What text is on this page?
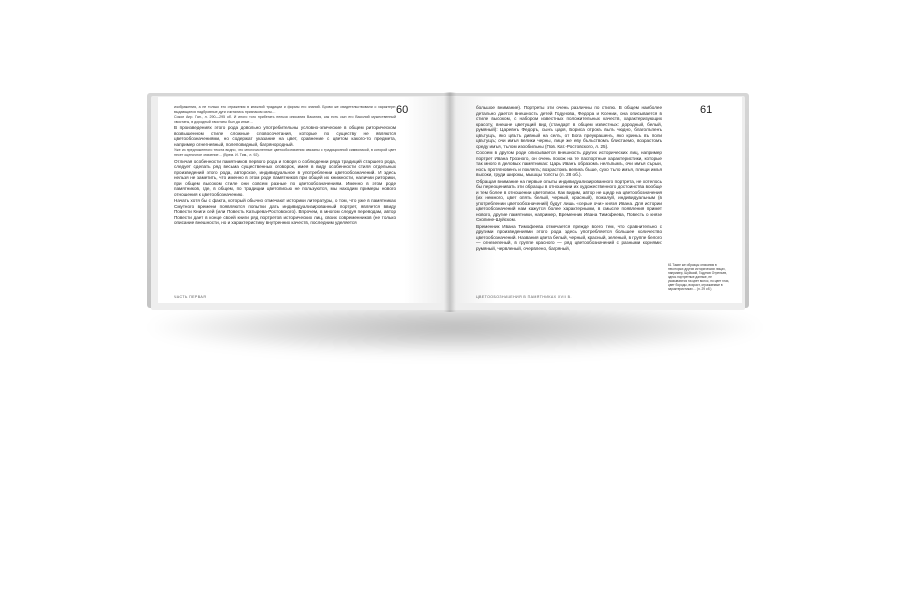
60

изображения, а не только его отражения в книжной традиции и формы его знаний. Брови же свидетельствовали о характере: выдающиеся надбровные дуги считались признаком силы…

Сокол Апр. Ган., л. 290—295 об. И иного того прибегать нельзя описания Василия, как есть сын его Василий мужественный хвостаты, в дородный хвостаты был да иные…

В произведениях этого рода довольно употребительны условно-эпические в общем риторическом возвышенном стиле сложные словосочетания, которые по существу не являются цветообозначениями, но содержат указание на цвет, сравнение с цветом какого-то предмета, например огнегневный, полеповидный, багрянородный.

Уже из предложенного текста видно, что многочисленные цветообозначения связаны с традиционной символикой, в которой цвет несет оценочное значение… (Врем. И. Тим., л. 92).

Отличая особенности памятников первого рода и говоря о соблюдении ряда традиций старшего рода, следует сделать ряд весьма существенных оговорок, имея в виду особенности стиля отдельных произведений этого рода, авторское, индивидуальное в употреблении цветообозначений. И здесь нельзя не заметить, что именно в этом роде памятников при общей их книжности, наличии риторики, при общем высоком стиле они совсем разные по цветообозначениям. Именно в этом роде памятников, где, в общем, по традиции цветописью не пользуются, мы находим примеры нового отношения к цветообозначению.

Начать хотя бы с факта, который обычно отмечают историки литературы, о том, что уже в памятниках Смутного времени появляются попытки дать индивидуализированный портрет, является ввиду Повести Книги сей (или Повесть Катырева-Ростовского). Впрочем, в многом следуя переводам, автор Повести дает в конце своей книги ряд портретов исторических лиц, своих современников (не только описание внешности, но и характеристику внутренних качеств, последним уделяется

ЧАСТЬ ПЕРВАЯ
61

большое внимание). Портреты эти очень различны по стилю. В общем наиболее детально дается внешность детей Годунова, Федора и Ксении, она описывается в стиле высоком, с набором известных положительных качеств, характеризующих красоту, внешне цветущий вид (стандарт в общем известных: дородный, белый, румяный): Царевнъ Федоръ, сынъ царя, Бориса отрокъ вьлъ чюдно, благолъпенъ цвътущъ, яко цвътъ дивный на селъ, от Бога преукрашенъ, яко криньъ въ поли цвътущъ; очи имъя велики черны, лице же еву бъльствомъ блистаемо, возрастомъ среду имъя, тълом изообильны (Пов. Кат.-Ростовского, л. 25).

Сосоем в другом роде описывается внешность других исторических лиц, например портрет Ивана Грозного, он очень похож на те паспортные характеристики, которые так много в деловых памятниках: Царь Иванъ образомъ нелъпымъ, очи имъя сърыи, носъ протягновенъ и покляпъ; возрастомъ великъ бъше, сухо тъло имъя, плещи имъя высоки, груди широкы, мышцы толсты (л. 28 об.).

Обращая внимание на первые опыты индивидуализированного портрета, не хотелось бы переоценивать эти образцы в отношении их художественного достоинства вообще и тем более в отношении цветописи. Как видим, автор не щедр на цветообозначения (их немного, цвет опять белый, черный, красный), пожалуй, индивидуальным (в употреблении цветообозначений) будут лишь «серые очи» князя Ивана. Для истории цветообозначений нам кажутся более характерными, в смысле появления примет нового, другие памятники, например, Временник Ивана Тимофеева, Повесть о князе Скопине-Шуйском.

Временник Ивана Тимофеева отмечается прежде всего тем, что сравнительно с другими произведениями этого рода здесь употребляется большее количество цветообозначений. Названия цвета белый, черный, красный, зеленый, в группе белого — огнезеленый, в группе красного — ряд цветообозначений с разными корнями: румяный, червленый, очервлено, багряный,

61 Такие же образцы описания в некоторых других исторических лицах, например, Шуйский, Годунов Отрепьев, здесь портретные данные, не указываются на цвет волос, но цвет глаз, цвет бороды, возраст, отражаемые в характеристиках… (л. 29 об.)
ЦВЕТООБОЗНАЧЕНИЯ В ПАМЯТНИКАХ XVII В.
